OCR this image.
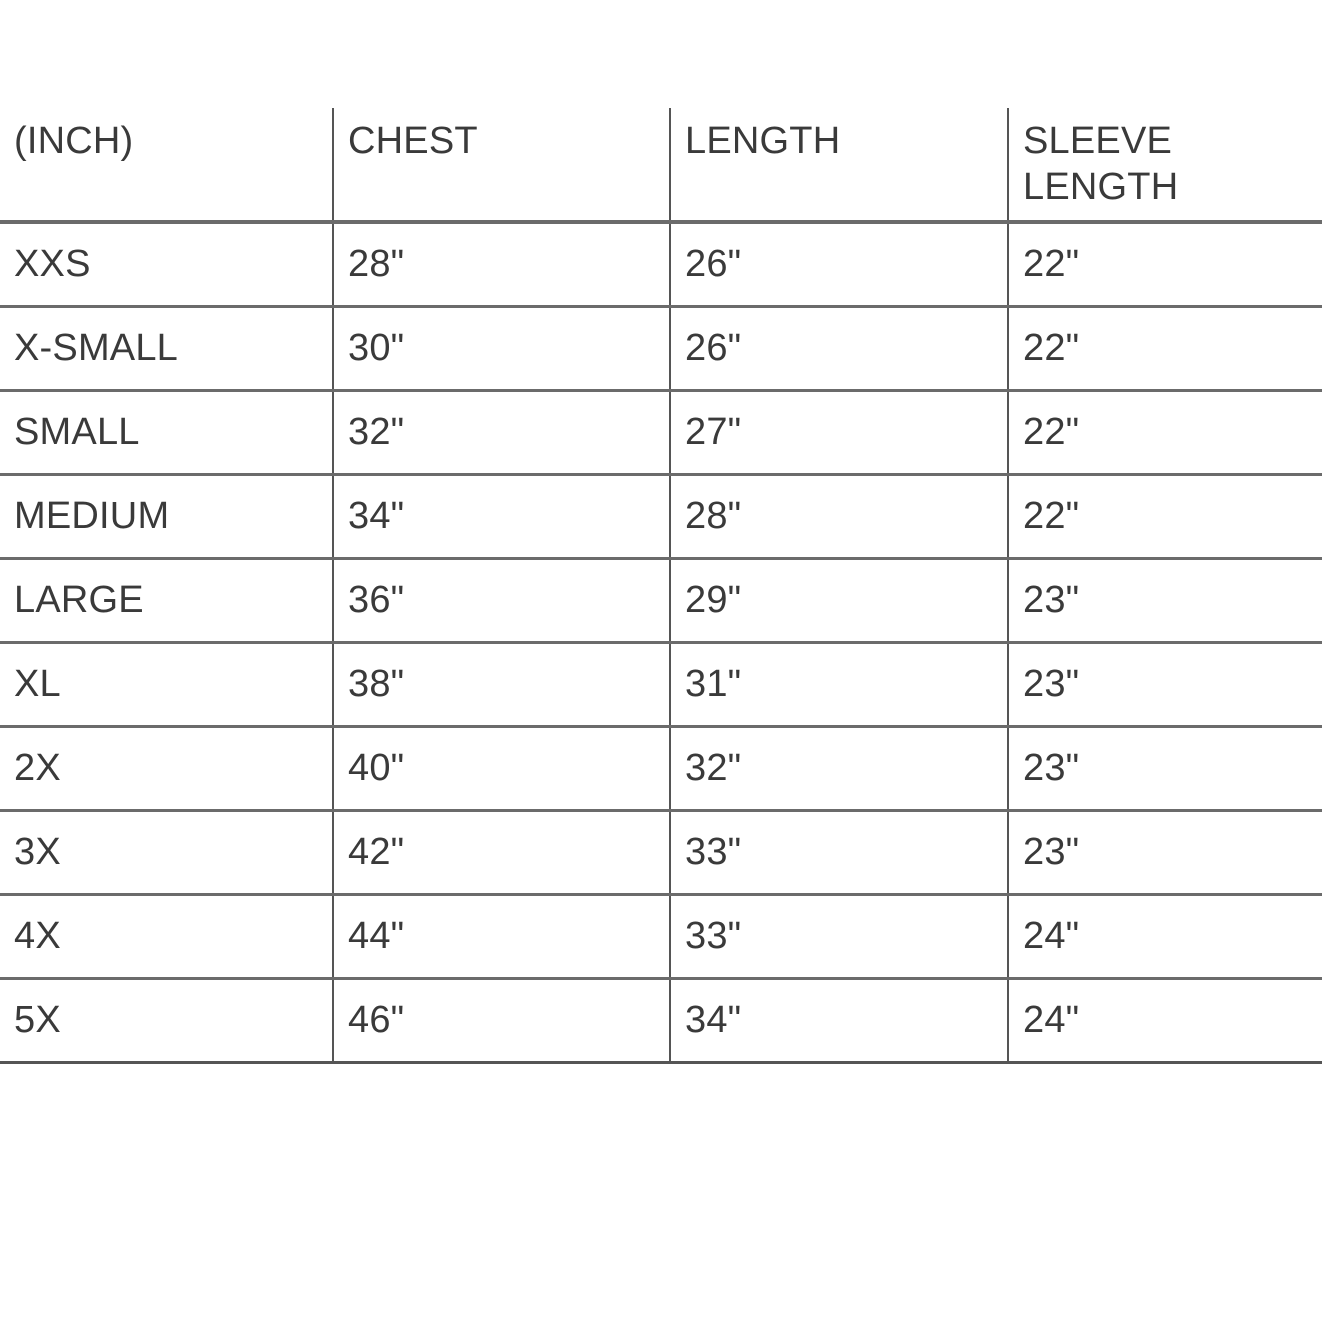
(INCH)	CHEST	LENGTH	SLEEVE LENGTH
XXS	28"	26"	22"
X-SMALL	30"	26"	22"
SMALL	32"	27"	22"
MEDIUM	34"	28"	22"
LARGE	36"	29"	23"
XL	38"	31"	23"
2X	40"	32"	23"
3X	42"	33"	23"
4X	44"	33"	24"
5X	46"	34"	24"
